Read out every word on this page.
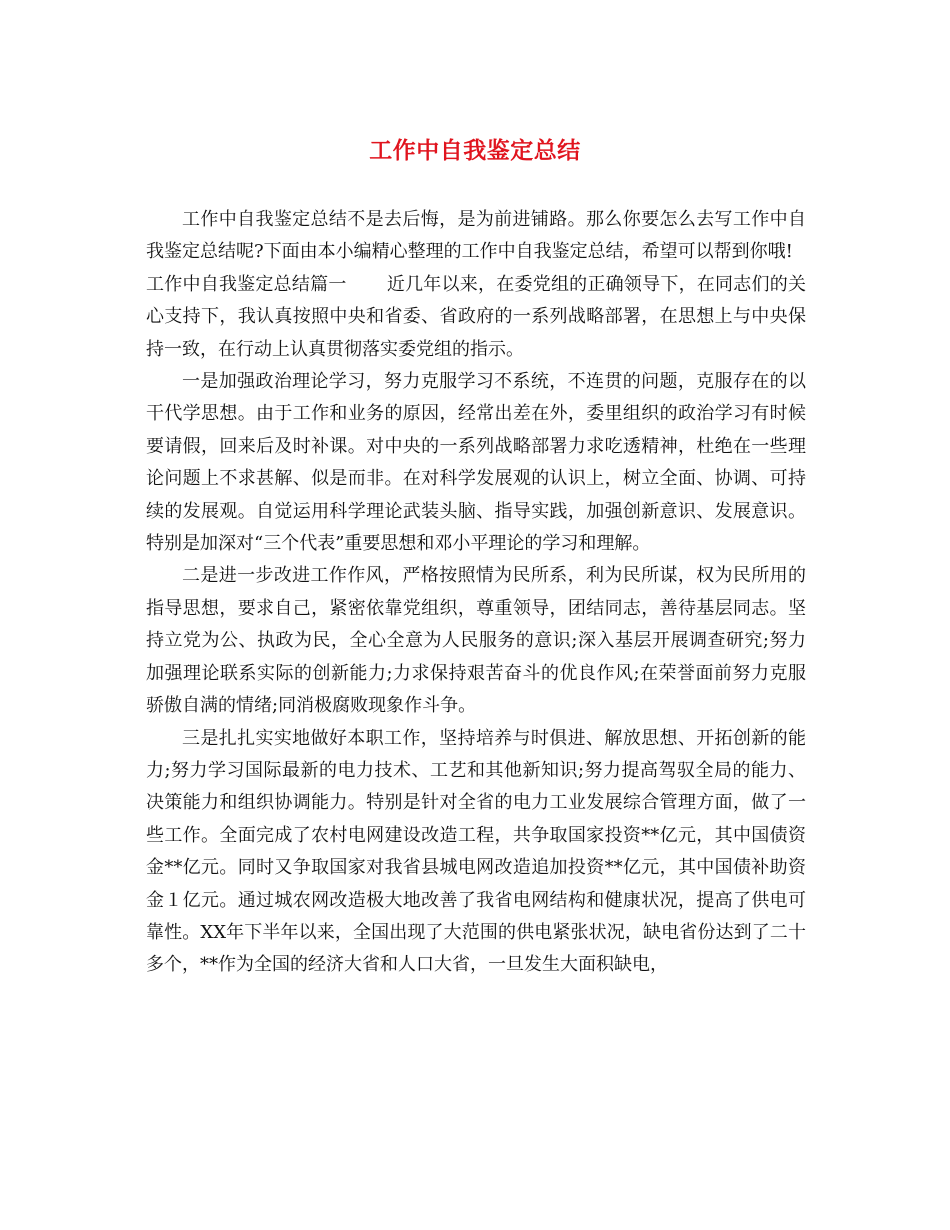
工作中自我鉴定总结

工作中自我鉴定总结不是去后悔，是为前进铺路。那么你要怎么去写工作中自我鉴定总结呢?下面由本小编精心整理的工作中自我鉴定总结，希望可以帮到你哦!

工作中自我鉴定总结篇一 近几年以来，在委党组的正确领导下，在同志们的关心支持下，我认真按照中央和省委、省政府的一系列战略部署，在思想上与中央保持一致，在行动上认真贯彻落实委党组的指示。

一是加强政治理论学习，努力克服学习不系统，不连贯的问题，克服存在的以干代学思想。由于工作和业务的原因，经常出差在外，委里组织的政治学习有时候要请假，回来后及时补课。对中央的一系列战略部署力求吃透精神，杜绝在一些理论问题上不求甚解、似是而非。在对科学发展观的认识上，树立全面、协调、可持续的发展观。自觉运用科学理论武装头脑、指导实践，加强创新意识、发展意识。特别是加深对“三个代表”重要思想和邓小平理论的学习和理解。

二是进一步改进工作作风，严格按照情为民所系，利为民所谋，权为民所用的指导思想，要求自己，紧密依靠党组织，尊重领导，团结同志，善待基层同志。坚持立党为公、执政为民，全心全意为人民服务的意识;深入基层开展调查研究;努力加强理论联系实际的创新能力;力求保持艰苦奋斗的优良作风;在荣誉面前努力克服骄傲自满的情绪;同消极腐败现象作斗争。

三是扎扎实实地做好本职工作，坚持培养与时俱进、解放思想、开拓创新的能力;努力学习国际最新的电力技术、工艺和其他新知识;努力提高驾驭全局的能力、决策能力和组织协调能力。特别是针对全省的电力工业发展综合管理方面，做了一些工作。全面完成了农村电网建设改造工程，共争取国家投资**亿元，其中国债资金**亿元。同时又争取国家对我省县城电网改造追加投资**亿元，其中国债补助资金１亿元。通过城农网改造极大地改善了我省电网结构和健康状况，提高了供电可靠性。XX年下半年以来，全国出现了大范围的供电紧张状况，缺电省份达到了二十多个，**作为全国的经济大省和人口大省，一旦发生大面积缺电，
